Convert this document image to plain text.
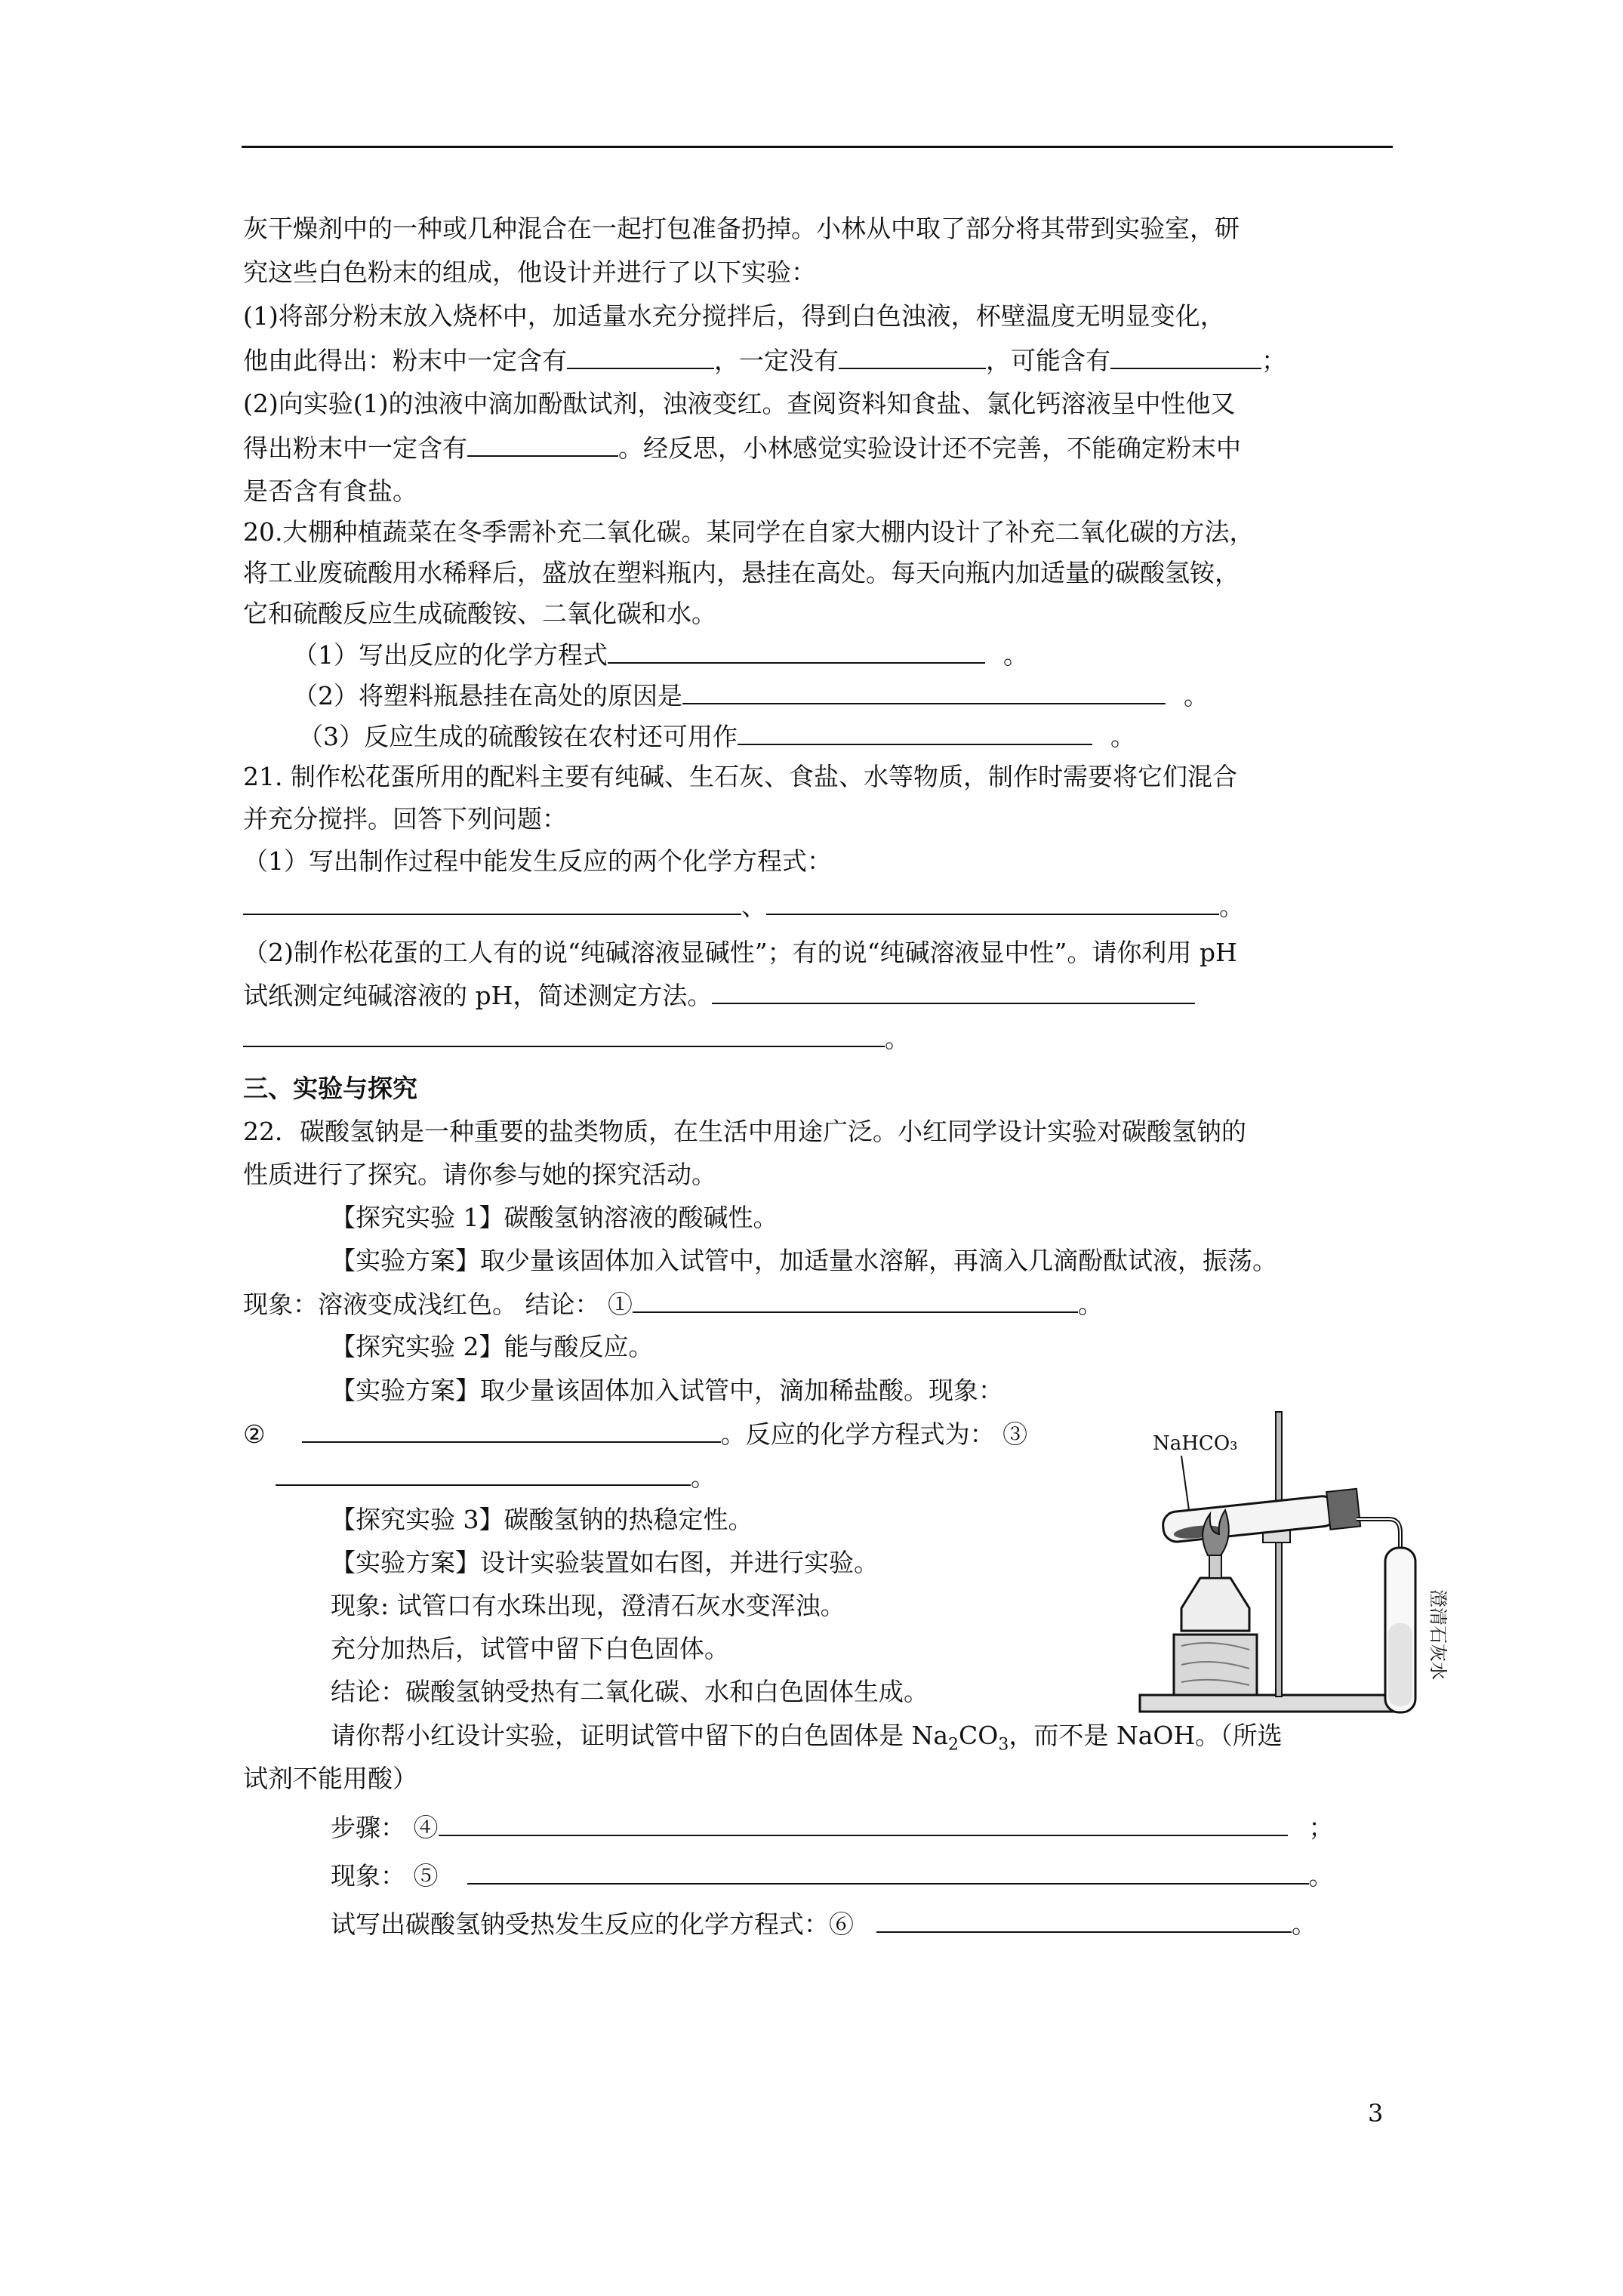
灰干燥剂中的一种或几种混合在一起打包准备扔掉。小林从中取了部分将其带到实验室，研
究这些白色粉末的组成，他设计并进行了以下实验：
(1)将部分粉末放入烧杯中，加适量水充分搅拌后，得到白色浊液，杯壁温度无明显变化，
他由此得出：粉末中一定含有	，一定没有	，可能含有	；
(2)向实验(1)的浊液中滴加酚酞试剂，浊液变红。查阅资料知食盐、氯化钙溶液呈中性他又
得出粉末中一定含有	。经反思，小林感觉实验设计还不完善，不能确定粉末中
是否含有食盐。
20.大棚种植蔬菜在冬季需补充二氧化碳。某同学在自家大棚内设计了补充二氧化碳的方法，
将工业废硫酸用水稀释后，盛放在塑料瓶内，悬挂在高处。每天向瓶内加适量的碳酸氢铵，
它和硫酸反应生成硫酸铵、二氧化碳和水。
（1）写出反应的化学方程式	。
（2）将塑料瓶悬挂在高处的原因是	。
（3）反应生成的硫酸铵在农村还可用作	。
21. 制作松花蛋所用的配料主要有纯碱、生石灰、食盐、水等物质，制作时需要将它们混合
并充分搅拌。回答下列问题：
（1）写出制作过程中能发生反应的两个化学方程式：
、	。
（2)制作松花蛋的工人有的说“纯碱溶液显碱性”；有的说“纯碱溶液显中性”。请你利用 pH
试纸测定纯碱溶液的 pH，简述测定方法。
。
三、实验与探究
22．碳酸氢钠是一种重要的盐类物质，在生活中用途广泛。小红同学设计实验对碳酸氢钠的
性质进行了探究。请你参与她的探究活动。
【探究实验 1】碳酸氢钠溶液的酸碱性。
【实验方案】取少量该固体加入试管中，加适量水溶解，再滴入几滴酚酞试液，振荡。
现象：溶液变成浅红色。 结论： ①	。
【探究实验 2】能与酸反应。
【实验方案】取少量该固体加入试管中，滴加稀盐酸。现象：
②	。反应的化学方程式为： ③
。
【探究实验 3】碳酸氢钠的热稳定性。
【实验方案】设计实验装置如右图，并进行实验。
现象: 试管口有水珠出现，澄清石灰水变浑浊。
充分加热后，试管中留下白色固体。
结论：碳酸氢钠受热有二氧化碳、水和白色固体生成。
请你帮小红设计实验，证明试管中留下的白色固体是 $Na_2CO_3$，而不是 NaOH。（所选
试剂不能用酸）
步骤： ④	；
现象： ⑤	。
试写出碳酸氢钠受热发生反应的化学方程式：⑥	。
NaHCO₃
澄清石灰水
3
